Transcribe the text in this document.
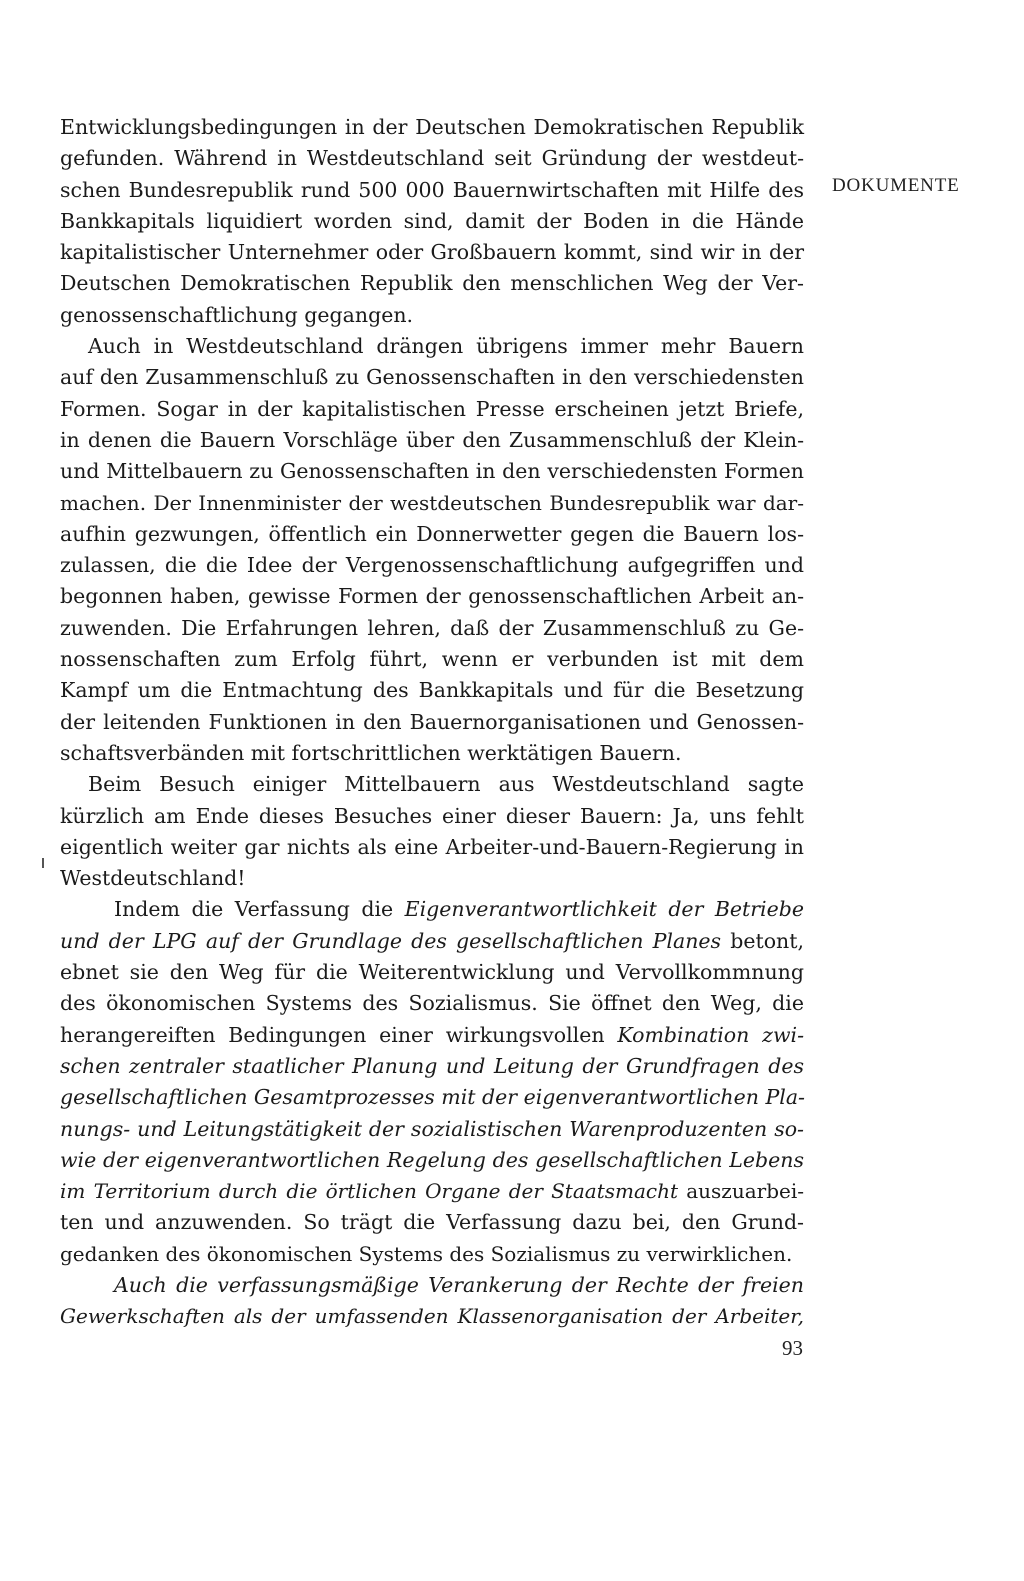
DOKUMENTE
Entwicklungsbedingungen in der Deutschen Demokratischen Republik
gefunden. Während in Westdeutschland seit Gründung der westdeut-
schen Bundesrepublik rund 500 000 Bauernwirtschaften mit Hilfe des
Bankkapitals liquidiert worden sind, damit der Boden in die Hände
kapitalistischer Unternehmer oder Großbauern kommt, sind wir in der
Deutschen Demokratischen Republik den menschlichen Weg der Ver-
genossenschaftlichung gegangen.
Auch in Westdeutschland drängen übrigens immer mehr Bauern
auf den Zusammenschluß zu Genossenschaften in den verschiedensten
Formen. Sogar in der kapitalistischen Presse erscheinen jetzt Briefe,
in denen die Bauern Vorschläge über den Zusammenschluß der Klein-
und Mittelbauern zu Genossenschaften in den verschiedensten Formen
machen. Der Innenminister der westdeutschen Bundesrepublik war dar-
aufhin gezwungen, öffentlich ein Donnerwetter gegen die Bauern los-
zulassen, die die Idee der Vergenossenschaftlichung aufgegriffen und
begonnen haben, gewisse Formen der genossenschaftlichen Arbeit an-
zuwenden. Die Erfahrungen lehren, daß der Zusammenschluß zu Ge-
nossenschaften zum Erfolg führt, wenn er verbunden ist mit dem
Kampf um die Entmachtung des Bankkapitals und für die Besetzung
der leitenden Funktionen in den Bauernorganisationen und Genossen-
schaftsverbänden mit fortschrittlichen werktätigen Bauern.
Beim Besuch einiger Mittelbauern aus Westdeutschland sagte
kürzlich am Ende dieses Besuches einer dieser Bauern: Ja, uns fehlt
eigentlich weiter gar nichts als eine Arbeiter-und-Bauern-Regierung in
Westdeutschland!
Indem die Verfassung die Eigenverantwortlichkeit der Betriebe
und der LPG auf der Grundlage des gesellschaftlichen Planes betont,
ebnet sie den Weg für die Weiterentwicklung und Vervollkommnung
des ökonomischen Systems des Sozialismus. Sie öffnet den Weg, die
herangereiften Bedingungen einer wirkungsvollen Kombination zwi-
schen zentraler staatlicher Planung und Leitung der Grundfragen des
gesellschaftlichen Gesamtprozesses mit der eigenverantwortlichen Pla-
nungs- und Leitungstätigkeit der sozialistischen Warenproduzenten so-
wie der eigenverantwortlichen Regelung des gesellschaftlichen Lebens
im Territorium durch die örtlichen Organe der Staatsmacht auszuarbei-
ten und anzuwenden. So trägt die Verfassung dazu bei, den Grund-
gedanken des ökonomischen Systems des Sozialismus zu verwirklichen.
Auch die verfassungsmäßige Verankerung der Rechte der freien
Gewerkschaften als der umfassenden Klassenorganisation der Arbeiter,
93
